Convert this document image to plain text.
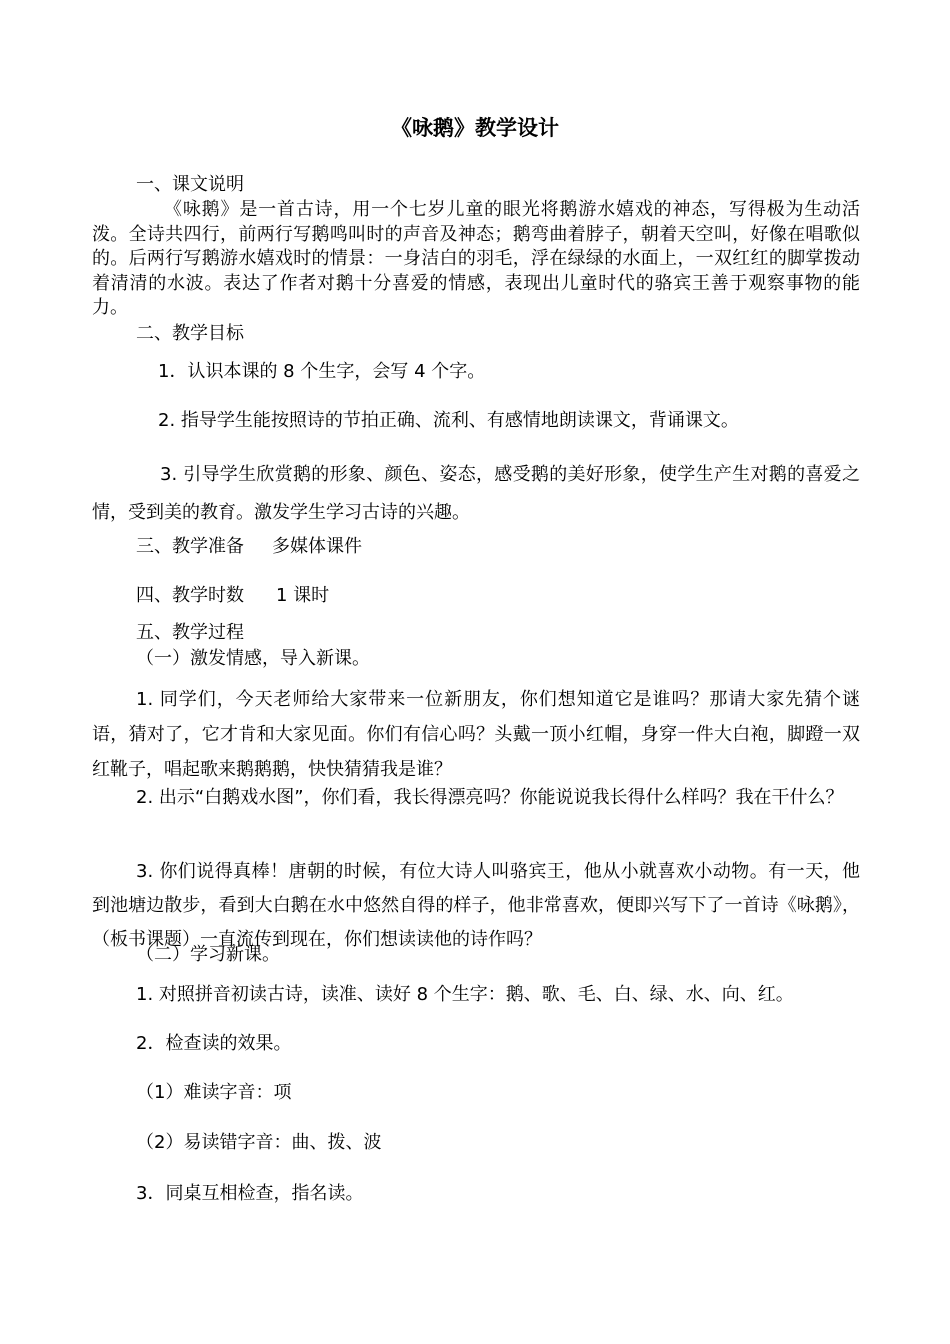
《咏鹅》教学设计
一、课文说明
《咏鹅》是一首古诗，用一个七岁儿童的眼光将鹅游水嬉戏的神态，写得极为生动活泼。全诗共四行，前两行写鹅鸣叫时的声音及神态；鹅弯曲着脖子，朝着天空叫，好像在唱歌似的。后两行写鹅游水嬉戏时的情景：一身洁白的羽毛，浮在绿绿的水面上，一双红红的脚掌拨动着清清的水波。表达了作者对鹅十分喜爱的情感，表现出儿童时代的骆宾王善于观察事物的能力。
二、教学目标
1．认识本课的 8 个生字，会写 4 个字。
2. 指导学生能按照诗的节拍正确、流利、有感情地朗读课文，背诵课文。
3. 引导学生欣赏鹅的形象、颜色、姿态，感受鹅的美好形象，使学生产生对鹅的喜爱之情，受到美的教育。激发学生学习古诗的兴趣。
三、教学准备 多媒体课件
四、教学时数 1 课时
五、教学过程
（一）激发情感，导入新课。
1. 同学们，今天老师给大家带来一位新朋友，你们想知道它是谁吗？那请大家先猜个谜语，猜对了，它才肯和大家见面。你们有信心吗？头戴一顶小红帽，身穿一件大白袍，脚蹬一双红靴子，唱起歌来鹅鹅鹅，快快猜猜我是谁？
2. 出示“白鹅戏水图”，你们看，我长得漂亮吗？你能说说我长得什么样吗？我在干什么？
3. 你们说得真棒！唐朝的时候，有位大诗人叫骆宾王，他从小就喜欢小动物。有一天，他到池塘边散步，看到大白鹅在水中悠然自得的样子，他非常喜欢，便即兴写下了一首诗《咏鹅》，（板书课题）一直流传到现在，你们想读读他的诗作吗？
（二）学习新课。
1. 对照拼音初读古诗，读准、读好 8 个生字：鹅、歌、毛、白、绿、水、向、红。
2．检查读的效果。
（1）难读字音：项
（2）易读错字音：曲、拨、波
3．同桌互相检查，指名读。
